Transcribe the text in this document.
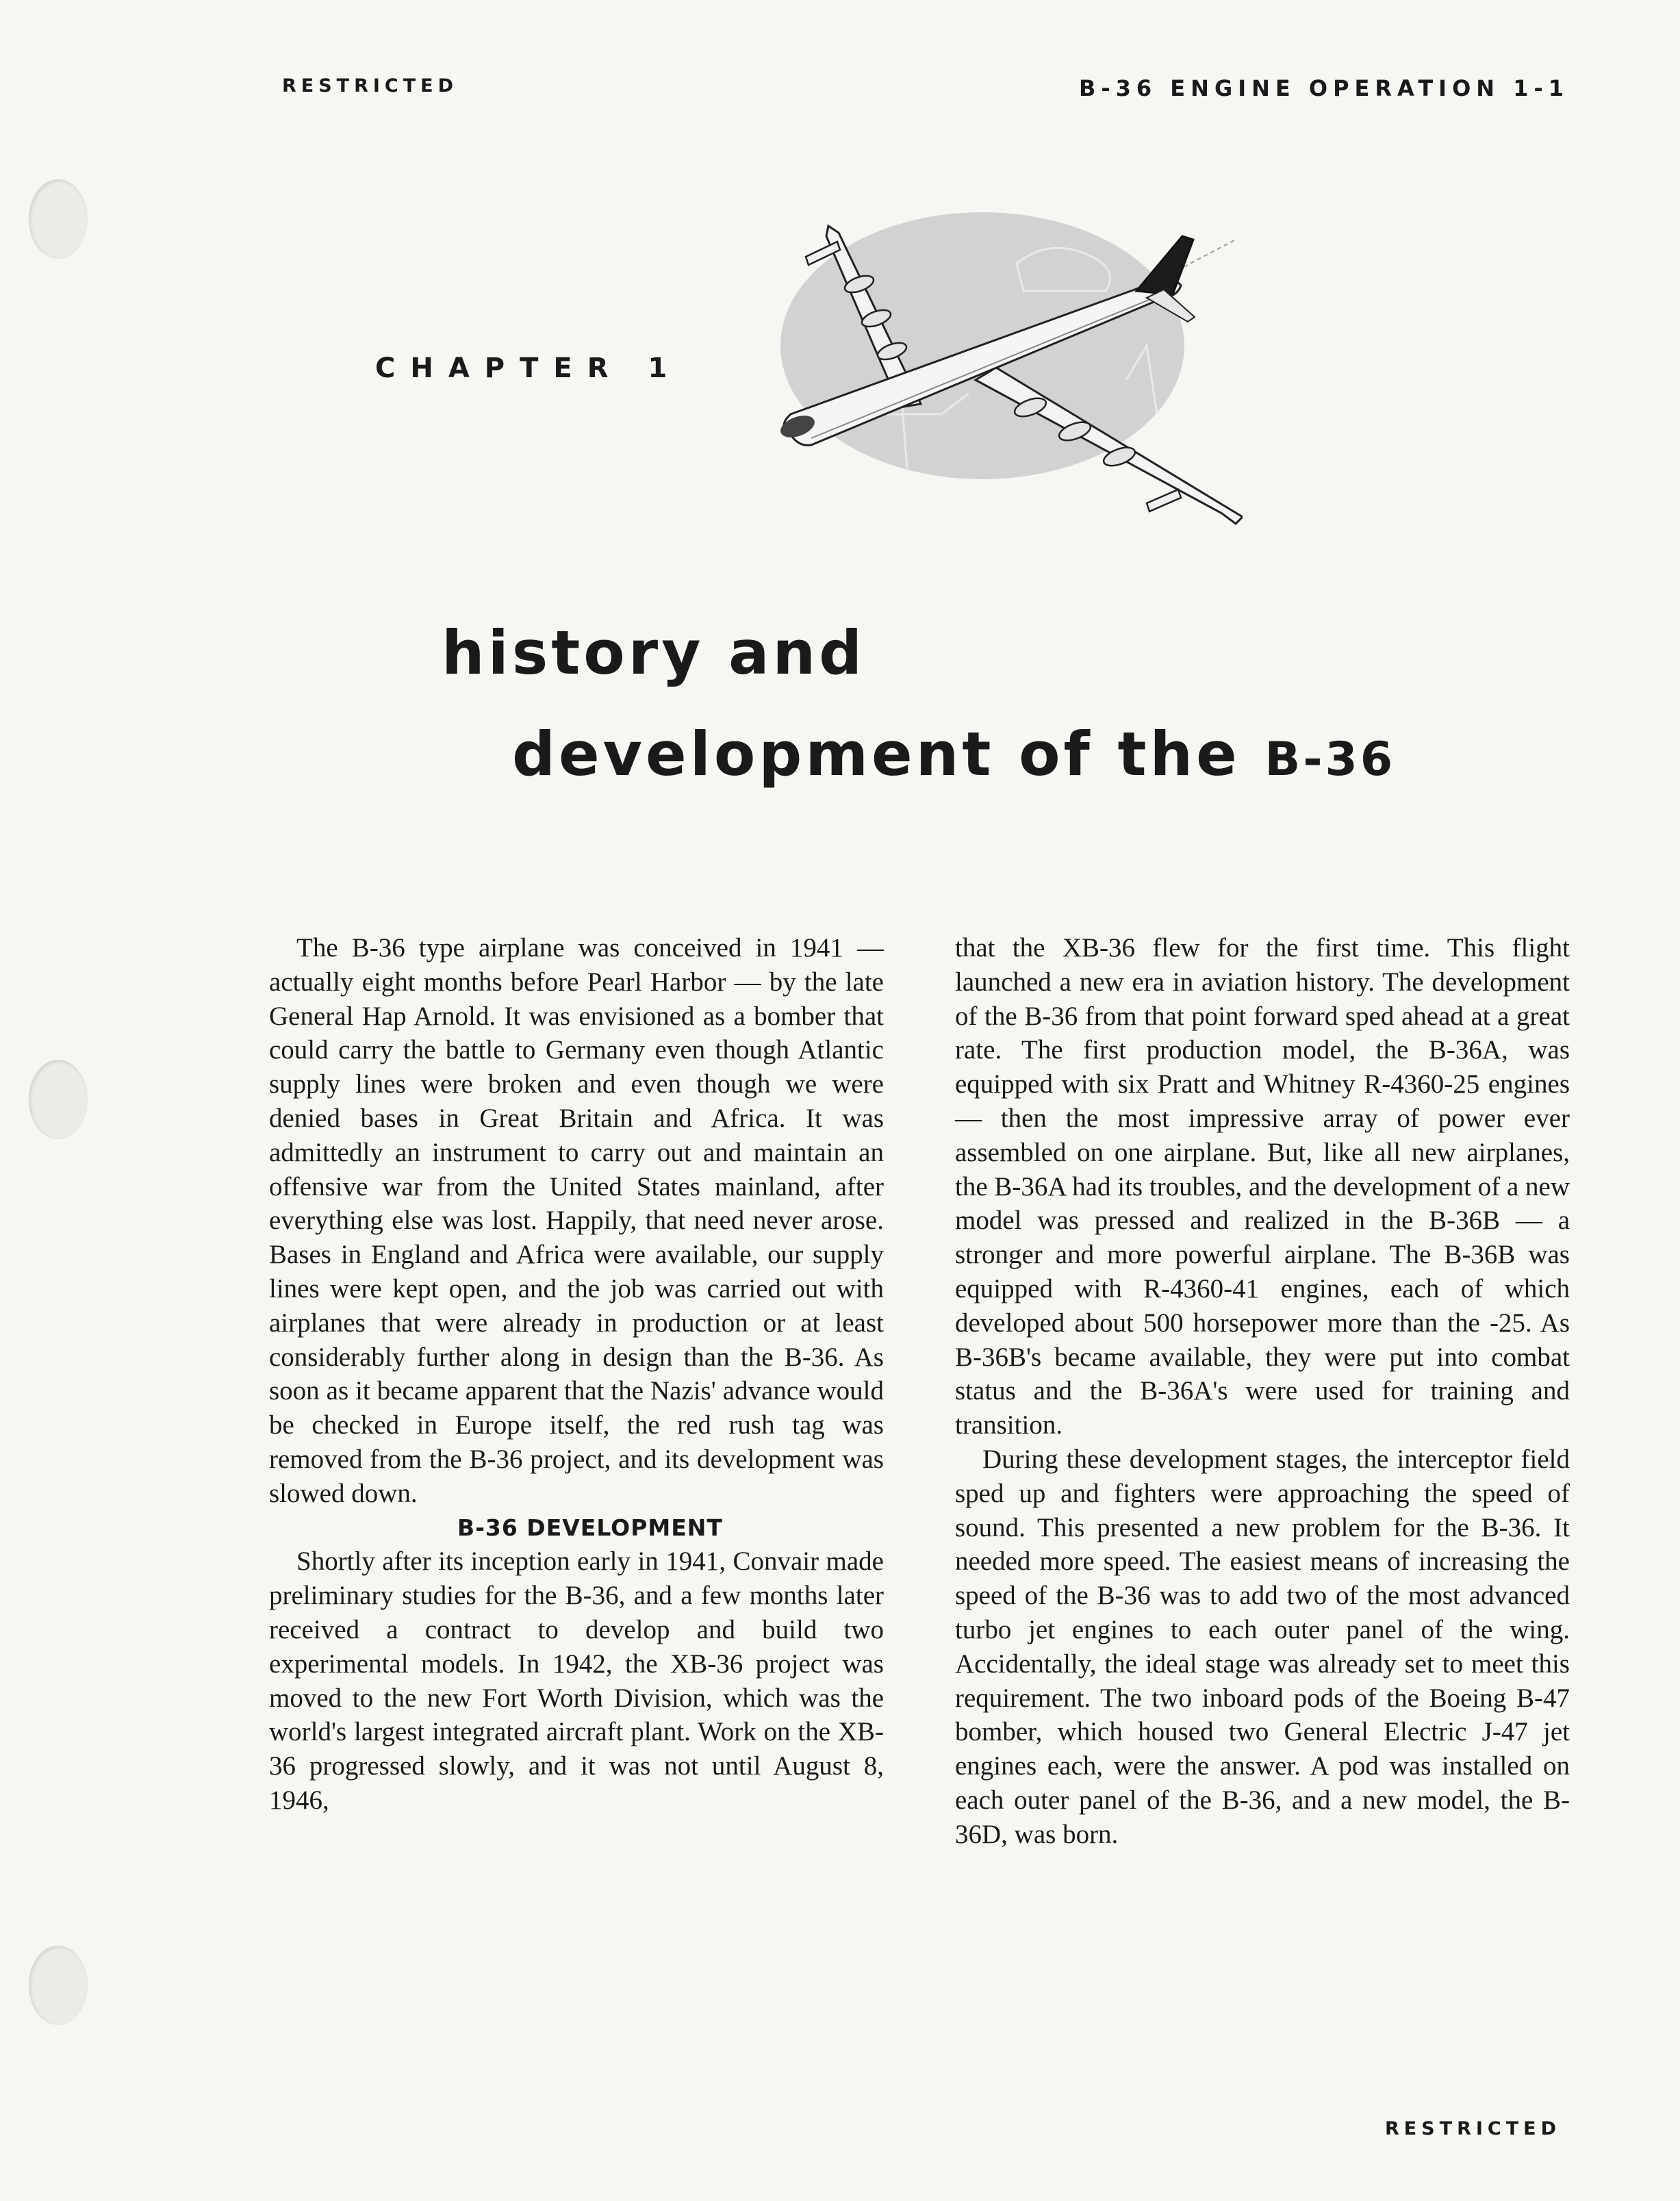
RESTRICTED	B-36 ENGINE OPERATION 1-1
CHAPTER 1
history and
development of the B-36

The B-36 type airplane was conceived in 1941 — actually eight months before Pearl Harbor — by the late General Hap Arnold. It was envisioned as a bomber that could carry the battle to Germany even though Atlantic supply lines were broken and even though we were denied bases in Great Britain and Africa. It was admittedly an instrument to carry out and maintain an offensive war from the United States mainland, after everything else was lost. Happily, that need never arose. Bases in England and Africa were available, our supply lines were kept open, and the job was carried out with airplanes that were already in production or at least considerably further along in design than the B-36. As soon as it became apparent that the Nazis' advance would be checked in Europe itself, the red rush tag was removed from the B-36 project, and its development was slowed down.

B-36 DEVELOPMENT

Shortly after its inception early in 1941, Convair made preliminary studies for the B-36, and a few months later received a contract to develop and build two experimental models. In 1942, the XB-36 project was moved to the new Fort Worth Division, which was the world's largest integrated aircraft plant. Work on the XB-36 progressed slowly, and it was not until August 8, 1946,

that the XB-36 flew for the first time. This flight launched a new era in aviation history. The development of the B-36 from that point forward sped ahead at a great rate. The first production model, the B-36A, was equipped with six Pratt and Whitney R-4360-25 engines — then the most impressive array of power ever assembled on one airplane. But, like all new airplanes, the B-36A had its troubles, and the development of a new model was pressed and realized in the B-36B — a stronger and more powerful airplane. The B-36B was equipped with R-4360-41 engines, each of which developed about 500 horsepower more than the -25. As B-36B's became available, they were put into combat status and the B-36A's were used for training and transition.

During these development stages, the interceptor field sped up and fighters were approaching the speed of sound. This presented a new problem for the B-36. It needed more speed. The easiest means of increasing the speed of the B-36 was to add two of the most advanced turbo jet engines to each outer panel of the wing. Accidentally, the ideal stage was already set to meet this requirement. The two inboard pods of the Boeing B-47 bomber, which housed two General Electric J-47 jet engines each, were the answer. A pod was installed on each outer panel of the B-36, and a new model, the B-36D, was born.

RESTRICTED
